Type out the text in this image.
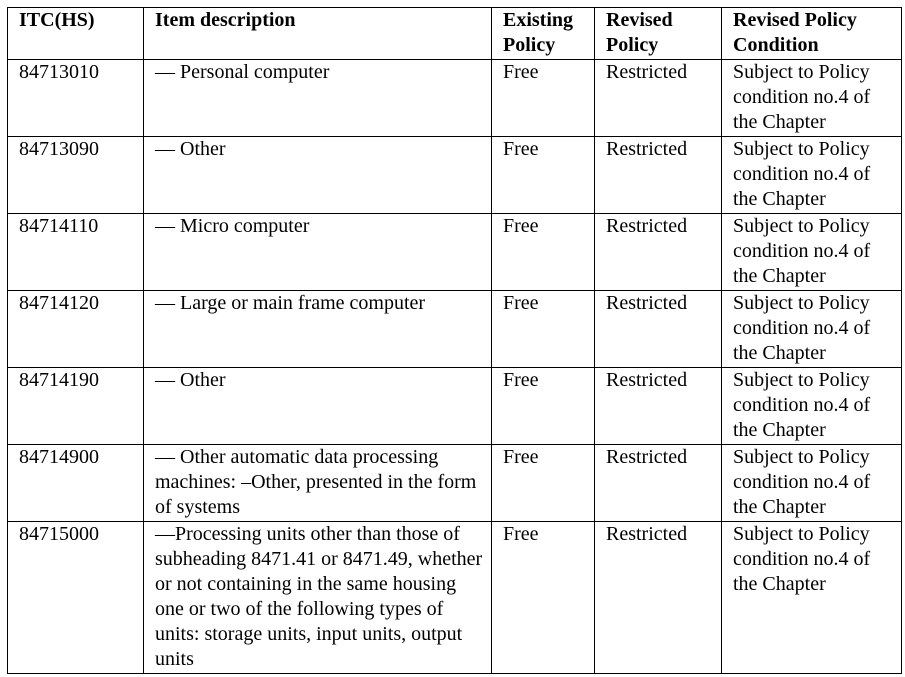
ITC(HS)	Item description	Existing Policy	Revised Policy	Revised Policy Condition
84713010	— Personal computer	Free	Restricted	Subject to Policy condition no.4 of the Chapter
84713090	— Other	Free	Restricted	Subject to Policy condition no.4 of the Chapter
84714110	— Micro computer	Free	Restricted	Subject to Policy condition no.4 of the Chapter
84714120	— Large or main frame computer	Free	Restricted	Subject to Policy condition no.4 of the Chapter
84714190	— Other	Free	Restricted	Subject to Policy condition no.4 of the Chapter
84714900	— Other automatic data processing machines: –Other, presented in the form of systems	Free	Restricted	Subject to Policy condition no.4 of the Chapter
84715000	—Processing units other than those of subheading 8471.41 or 8471.49, whether or not containing in the same housing one or two of the following types of units: storage units, input units, output units	Free	Restricted	Subject to Policy condition no.4 of the Chapter
